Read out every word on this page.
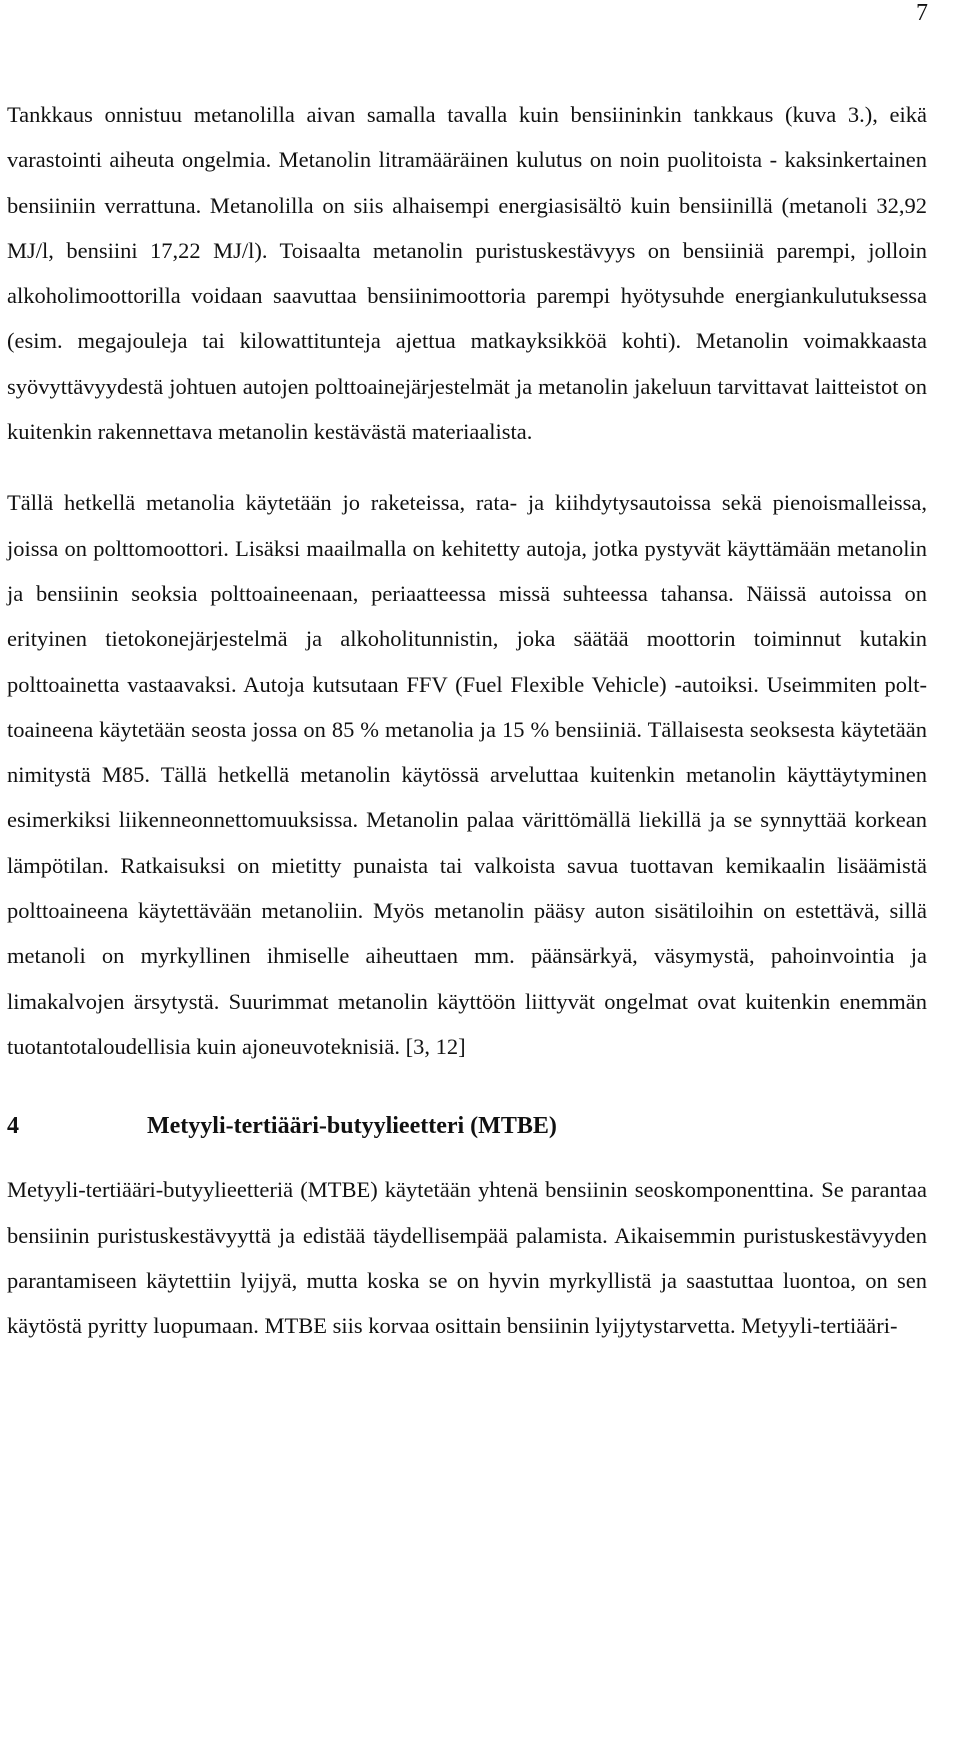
7

Tankkaus onnistuu metanolilla aivan samalla tavalla kuin bensiininkin tankkaus (kuva 3.), eikä varastointi aiheuta ongelmia. Metanolin litramääräinen kulutus on noin puolitoista - kaksinkertainen bensiiniin verrattuna. Metanolilla on siis alhaisempi energiasisältö kuin bensiinillä (metanoli 32,92 MJ/l, bensiini 17,22 MJ/l). Toisaalta metanolin puristuskestävyys on bensiiniä parempi, jolloin alkoholimoottorilla voidaan saavuttaa bensiinimoottoria parempi hyötysuhde energiankulutuksessa (esim. megajouleja tai kilowattitunteja ajettua matkayksikköä kohti). Metanolin voimakkaasta syövyttävyydestä johtuen autojen polttoainejärjestelmät ja metanolin jakeluun tarvittavat laitteistot on kuitenkin rakennettava metanolin kestävästä materiaalista.

Tällä hetkellä metanolia käytetään jo raketeissa, rata- ja kiihdytysautoissa sekä pienoismalleissa, joissa on polttomoottori. Lisäksi maailmalla on kehitetty autoja, jotka pystyvät käyttämään metanolin ja bensiinin seoksia polttoaineenaan, periaatteessa missä suhteessa tahansa. Näissä autoissa on erityinen tietokonejärjestelmä ja alkoholitunnistin, joka säätää moottorin toiminnut kutakin polttoainetta vastaavaksi. Autoja kutsutaan FFV (Fuel Flexible Vehicle) -autoiksi. Useimmiten polttoaineena käytetään seosta jossa on 85 % metanolia ja 15 % bensiiniä. Tällaisesta seoksesta käytetään nimitystä M85. Tällä hetkellä metanolin käytössä arveluttaa kuitenkin metanolin käyttäytyminen esimerkiksi liikenneonnettomuuksissa. Metanolin palaa värittömällä liekillä ja se synnyttää korkean lämpötilan. Ratkaisuksi on mietitty punaista tai valkoista savua tuottavan kemikaalin lisäämistä polttoaineena käytettävään metanoliin. Myös metanolin pääsy auton sisätiloihin on estettävä, sillä metanoli on myrkyllinen ihmiselle aiheuttaen mm. päänsärkyä, väsymystä, pahoinvointia ja limakalvojen ärsytystä. Suurimmat metanolin käyttöön liittyvät ongelmat ovat kuitenkin enemmän tuotantotaloudellisia kuin ajoneuvoteknisiä. [3, 12]

4	Metyyli-tertiääri-butyylieetteri (MTBE)

Metyyli-tertiääri-butyylieetteriä (MTBE) käytetään yhtenä bensiinin seoskomponenttina. Se parantaa bensiinin puristuskestävyyttä ja edistää täydellisempää palamista. Aikaisemmin puristuskestävyyden parantamiseen käytettiin lyijyä, mutta koska se on hyvin myrkyllistä ja saastuttaa luontoa, on sen käytöstä pyritty luopumaan. MTBE siis korvaa osittain bensiinin lyijytystarvetta. Metyyli-tertiääri-
